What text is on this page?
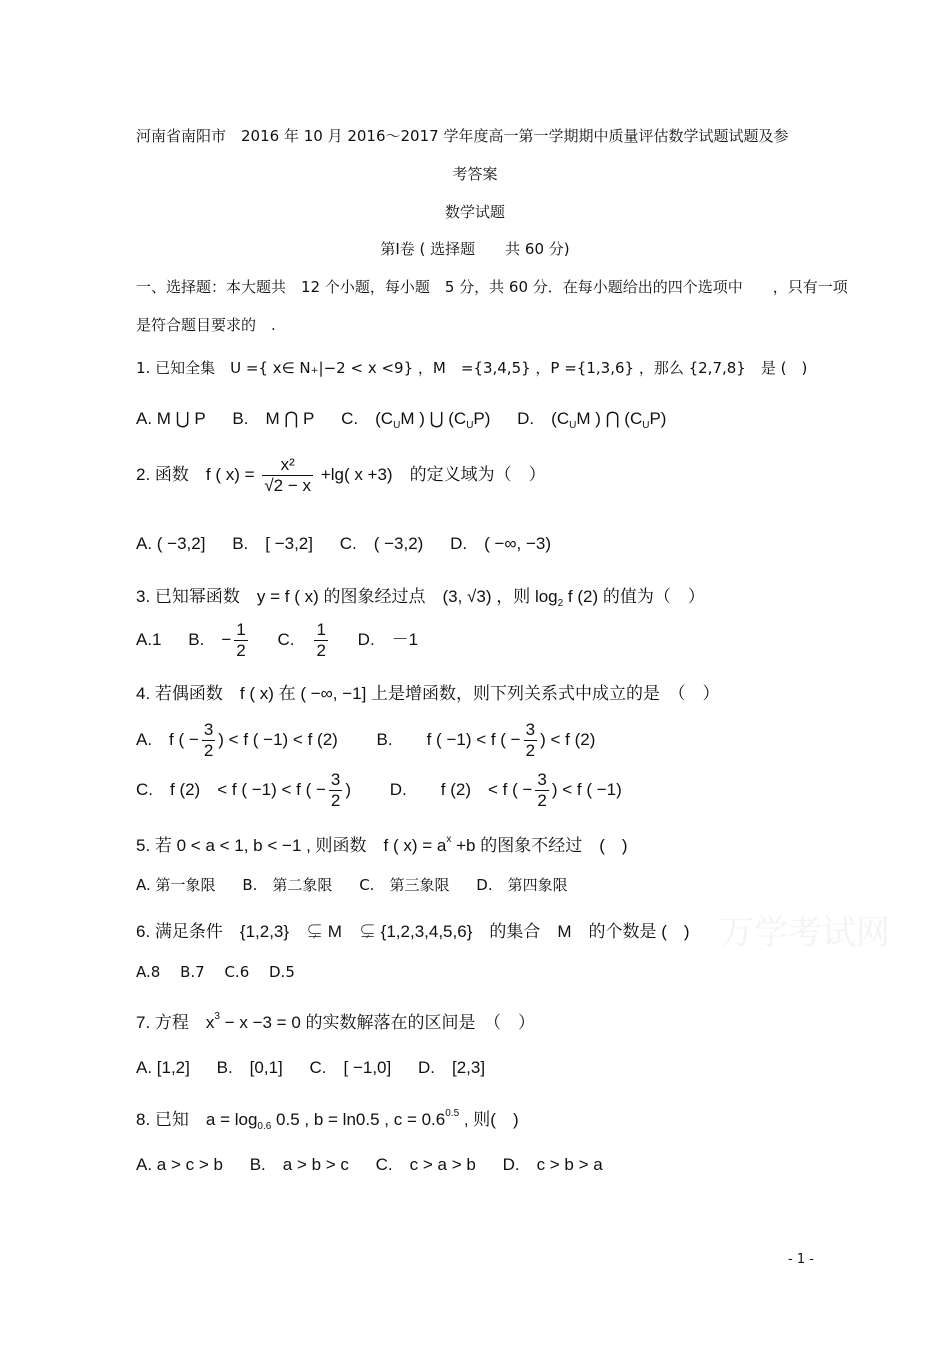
河南省南阳市　2016 年 10 月 2016～2017 学年度高一第一学期期中质量评估数学试题试题及参
考答案
数学试题
第Ⅰ卷 ( 选择题　　共 60 分)
一、选择题：本大题共　12 个小题，每小题　5 分，共 60 分．在每小题给出的四个选项中　　，只有一项
是符合题目要求的　.
1. 已知全集　U ={ x∈ N₊|−2 < x <9} ，M　={3,4,5} ，P ={1,3,6} ，那么 {2,7,8}　是 (　)
A. M ⋃ P B.　M ⋂ P C.　($C_UM$ ) ⋃ $(C_UP)$ D.　($C_UM$ ) ⋂ $(C_UP)$
2. 函数　f ( $x) = \frac{\text{x²}}{√2 - x} +\lg$( x +3)　的定义域为（　）
A. ( −3,2] B.　 [ −3,2] C.　 ( −3,2) D.　 ( −∞, −3)
3. 已知幂函数　y = f ( x) 的图象经过点　(3, √3) ，则 $\log_2 f$ (2) 的值为（　）
A.1 B.　 − $\frac{1}{2} C$.　 $\frac{1}{2} D$.　－1
4. 若偶函数　f ( x) 在 ( −∞, −1] 上是增函数，则下列关系式中成立的是　（　）
A.　f ( − $\frac{3}{2}$ ) < f ( −1) < f (2) B.　　f ( −1) < f ( − $\frac{3}{2}$ ) < f (2)
C.　f (2)　< f ( −1) < f ( − $\frac{3}{2}$ ) D.　　f (2)　< f ( − $\frac{3}{2}$ ) < f ( −1)
5. 若 0 < a < 1, b < −1 , 则函数　f ( $x) = a^x +b$ 的图象不经过　(　)
A. 第一象限 B.　 第二象限 C.　 第三象限 D.　 第四象限
6. 满足条件　{1,2,3}　⊊ M　⊊ {1,2,3,4,5,6}　的集合　M　的个数是 (　)
A.8　 B.7　 C.6　 D.5
7. 方程　$x^3 - x -3 = 0$ 的实数解落在的区间是　（　）
A. [1,2] B.　 [0,1] C.　 [ −1,0] D.　 [2,3]
8. 已知　$a = \log_{0.6} 0.5$ , b = ln0.5 , $c = 0.6^{0.5}$ , 则(　)
A. a > c > b B.　 a > b > c C.　 c > a > b D.　 c > b > a
万学考试网
- 1 -
